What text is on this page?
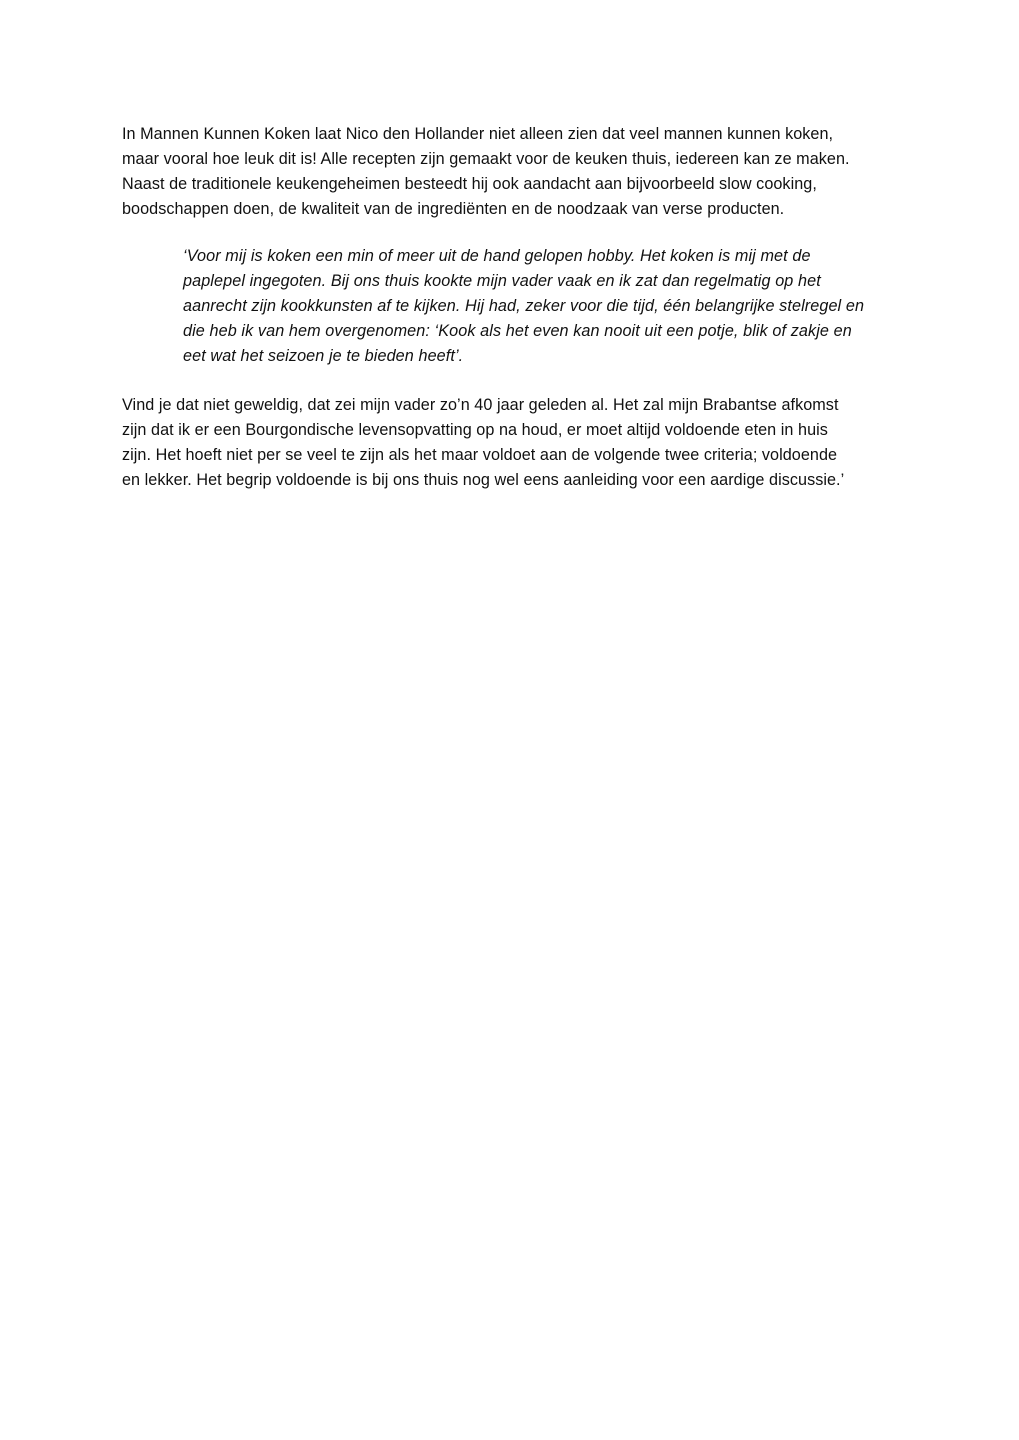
In Mannen Kunnen Koken laat Nico den Hollander niet alleen zien dat veel mannen kunnen koken,
maar vooral hoe leuk dit is! Alle recepten zijn gemaakt voor de keuken thuis, iedereen kan ze maken.
Naast de traditionele keukengeheimen besteedt hij ook aandacht aan bijvoorbeeld slow cooking,
boodschappen doen, de kwaliteit van de ingrediënten en de noodzaak van verse producten.

‘Voor mij is koken een min of meer uit de hand gelopen hobby. Het koken is mij met de
paplepel ingegoten. Bij ons thuis kookte mijn vader vaak en ik zat dan regelmatig op het
aanrecht zijn kookkunsten af te kijken. Hij had, zeker voor die tijd, één belangrijke stelregel en
die heb ik van hem overgenomen: ‘Kook als het even kan nooit uit een potje, blik of zakje en
eet wat het seizoen je te bieden heeft’.

Vind je dat niet geweldig, dat zei mijn vader zo’n 40 jaar geleden al. Het zal mijn Brabantse afkomst
zijn dat ik er een Bourgondische levensopvatting op na houd, er moet altijd voldoende eten in huis
zijn. Het hoeft niet per se veel te zijn als het maar voldoet aan de volgende twee criteria; voldoende
en lekker. Het begrip voldoende is bij ons thuis nog wel eens aanleiding voor een aardige discussie.’
